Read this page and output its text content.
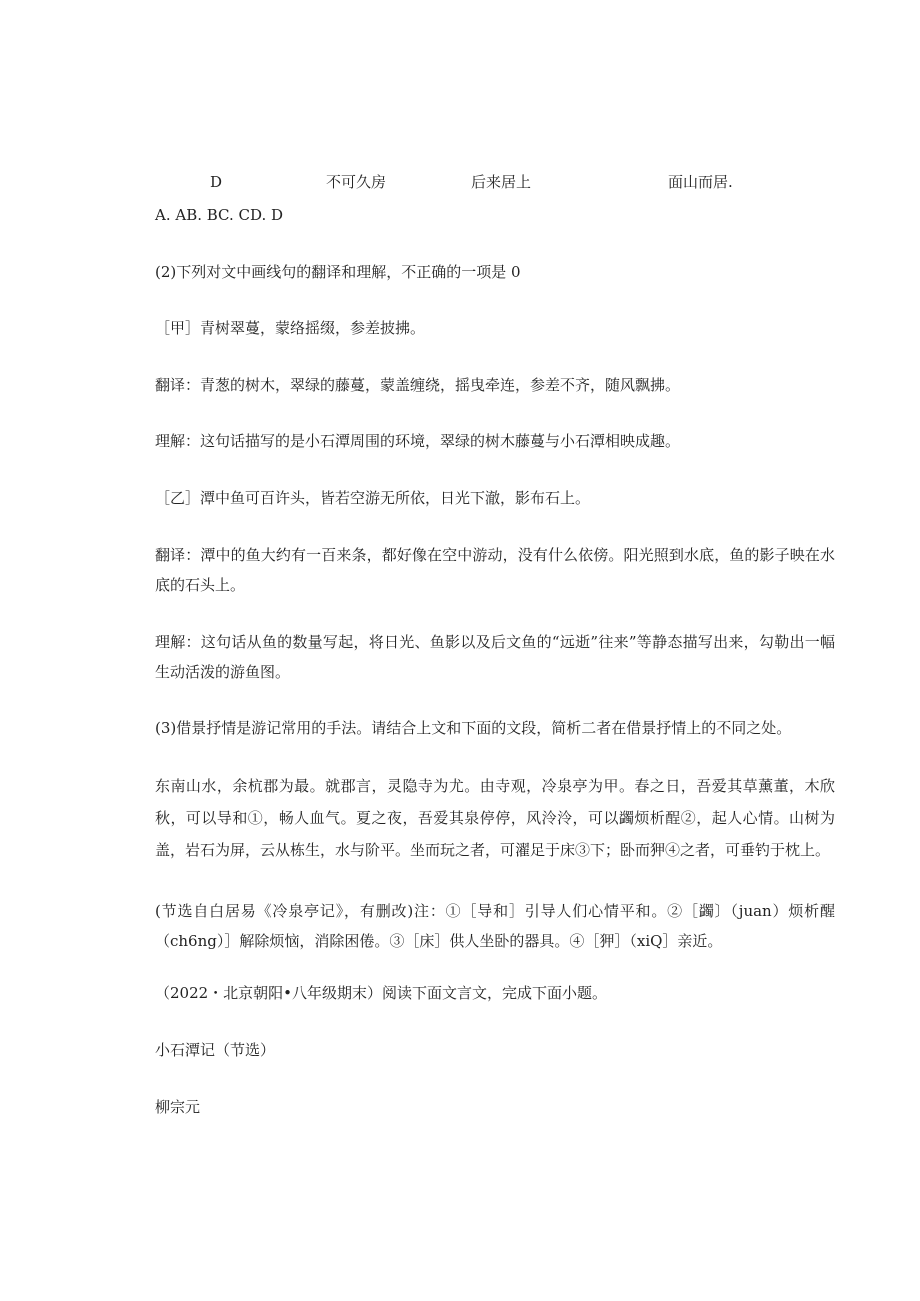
D	不可久房	后来居上	面山而居.
A. AB. BC. CD. D
(2)下列对文中画线句的翻译和理解，不正确的一项是 0
［甲］青树翠蔓，蒙络摇缀，参差披拂。
翻译：青葱的树木，翠绿的藤蔓，蒙盖缠绕，摇曳牵连，参差不齐，随风飘拂。
理解：这句话描写的是小石潭周围的环境，翠绿的树木藤蔓与小石潭相映成趣。
［乙］潭中鱼可百许头，皆若空游无所依，日光下澈，影布石上。
翻译：潭中的鱼大约有一百来条，都好像在空中游动，没有什么依傍。阳光照到水底，鱼的影子映在水底的石头上。
理解：这句话从鱼的数量写起，将日光、鱼影以及后文鱼的“远逝”往来”等静态描写出来，勾勒出一幅生动活泼的游鱼图。
(3)借景抒情是游记常用的手法。请结合上文和下面的文段，简析二者在借景抒情上的不同之处。
东南山水，余杭郡为最。就郡言，灵隐寺为尤。由寺观，冷泉亭为甲。春之日，吾爱其草薰董，木欣秋，可以导和①，畅人血气。夏之夜，吾爱其泉停停，风泠泠，可以蠲烦析酲②，起人心情。山树为盖，岩石为屏，云从栋生，水与阶平。坐而玩之者，可濯足于床③下；卧而狎④之者，可垂钓于枕上。
(节选自白居易《冷泉亭记》，有删改)注：①［导和］引导人们心情平和。②［蠲〕（juan）烦析醒（ch6ng）］解除烦恼，消除困倦。③［床］供人坐卧的器具。④［狎］（xiQ］亲近。
（2022・北京朝阳•八年级期末）阅读下面文言文，完成下面小题。
小石潭记（节选）
柳宗元
